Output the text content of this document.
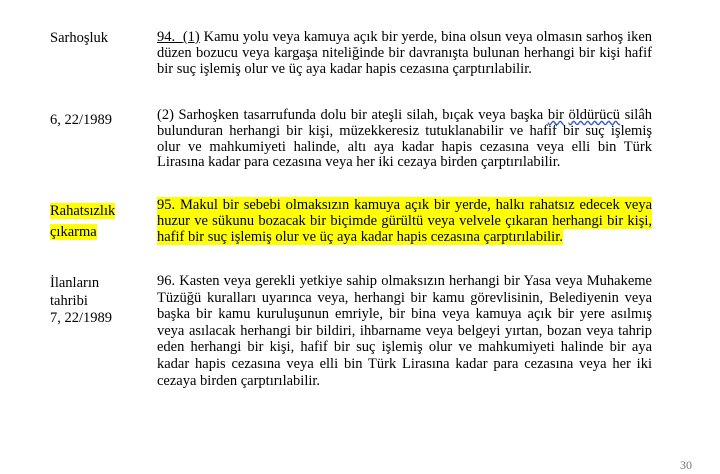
Sarhoşluk
6, 22/1989
Rahatsızlık
çıkarma
İlanların
tahribi
7, 22/1989
94. (1) Kamu yolu veya kamuya açık bir yerde, bina olsun veya olmasın sarhoş iken düzen bozucu veya kargaşa niteliğinde bir davranışta bulunan herhangi bir kişi hafif bir suç işlemiş olur ve üç aya kadar hapis cezasına çarptırılabilir.
(2) Sarhoşken tasarrufunda dolu bir ateşli silah, bıçak veya başka bir öldürücü silâh bulunduran herhangi bir kişi, müzekkeresiz tutuklanabilir ve hafif bir suç işlemiş olur ve mahkumiyeti halinde, altı aya kadar hapis cezasına veya elli bin Türk Lirasına kadar para cezasına veya her iki cezaya birden çarptırılabilir.
95. Makul bir sebebi olmaksızın kamuya açık bir yerde, halkı rahatsız edecek veya huzur ve sükunu bozacak bir biçimde gürültü veya velvele çıkaran herhangi bir kişi, hafif bir suç işlemiş olur ve üç aya kadar hapis cezasına çarptırılabilir.
96. Kasten veya gerekli yetkiye sahip olmaksızın herhangi bir Yasa veya Muhakeme Tüzüğü kuralları uyarınca veya, herhangi bir kamu görevlisinin, Belediyenin veya başka bir kamu kuruluşunun emriyle, bir bina veya kamuya açık bir yere asılmış veya asılacak herhangi bir bildiri, ihbarname veya belgeyi yırtan, bozan veya tahrip eden herhangi bir kişi, hafif bir suç işlemiş olur ve mahkumiyeti halinde bir aya kadar hapis cezasına veya elli bin Türk Lirasına kadar para cezasına veya her iki cezaya birden çarptırılabilir.
30
